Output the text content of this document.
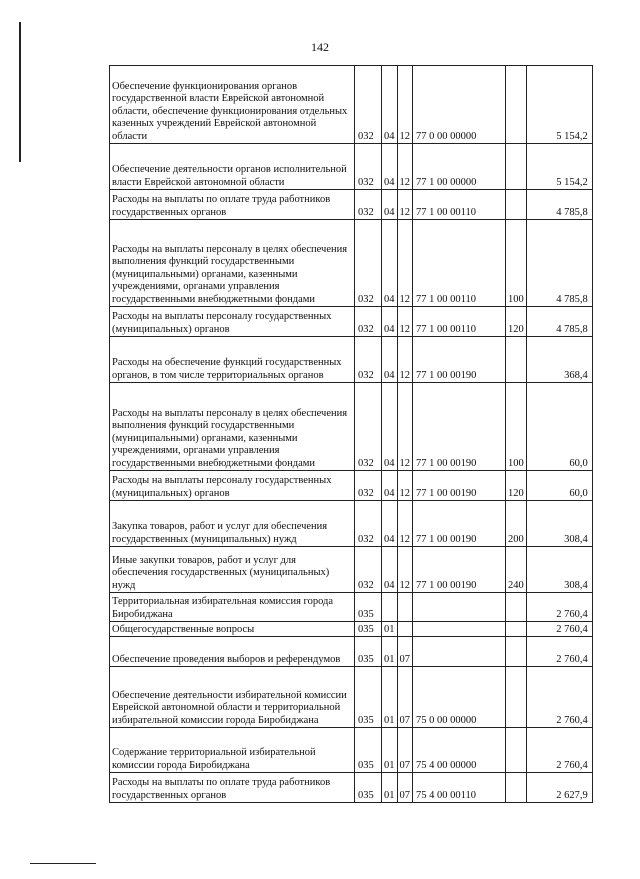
142
Обеспечение функционирования органов государственной власти Еврейской автономной области, обеспечение функционирования отдельных казенных учреждений Еврейской автономной области	032	04	12	77 0 00 00000		5 154,2
Обеспечение деятельности органов исполнительной власти Еврейской автономной области	032	04	12	77 1 00 00000		5 154,2
Расходы на выплаты по оплате труда работников государственных органов	032	04	12	77 1 00 00110		4 785,8
Расходы на выплаты персоналу в целях обеспечения выполнения функций государственными (муниципальными) органами, казенными учреждениями, органами управления государственными внебюджетными фондами	032	04	12	77 1 00 00110	100	4 785,8
Расходы на выплаты персоналу государственных (муниципальных) органов	032	04	12	77 1 00 00110	120	4 785,8
Расходы на обеспечение функций государственных органов, в том числе территориальных органов	032	04	12	77 1 00 00190		368,4
Расходы на выплаты персоналу в целях обеспечения выполнения функций государственными (муниципальными) органами, казенными учреждениями, органами управления государственными внебюджетными фондами	032	04	12	77 1 00 00190	100	60,0
Расходы на выплаты персоналу государственных (муниципальных) органов	032	04	12	77 1 00 00190	120	60,0
Закупка товаров, работ и услуг для обеспечения государственных (муниципальных) нужд	032	04	12	77 1 00 00190	200	308,4
Иные закупки товаров, работ и услуг для обеспечения государственных (муниципальных) нужд	032	04	12	77 1 00 00190	240	308,4
Территориальная избирательная комиссия города Биробиджана	035					2 760,4
Общегосударственные вопросы	035	01				2 760,4
Обеспечение проведения выборов и референдумов	035	01	07			2 760,4
Обеспечение деятельности избирательной комиссии Еврейской автономной области и территориальной избирательной комиссии города Биробиджана	035	01	07	75 0 00 00000		2 760,4
Содержание территориальной избирательной комиссии города Биробиджана	035	01	07	75 4 00 00000		2 760,4
Расходы на выплаты по оплате труда работников государственных органов	035	01	07	75 4 00 00110		2 627,9
